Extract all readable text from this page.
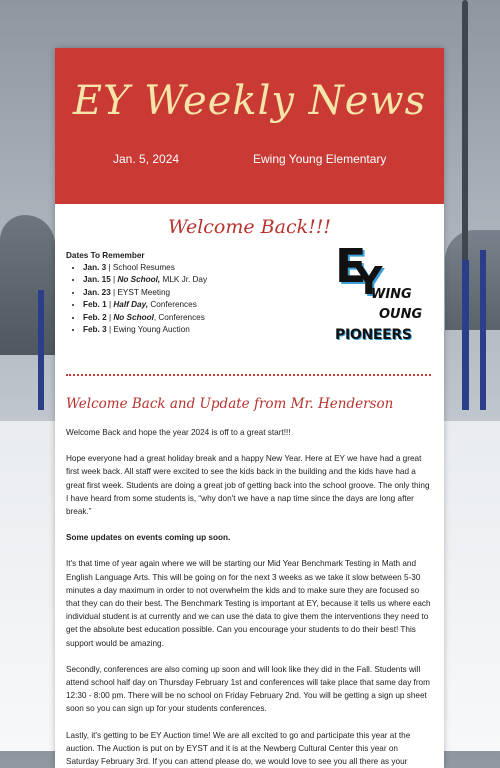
EY Weekly News
Jan. 5, 2024	Ewing Young Elementary
Welcome Back!!!
Dates To Remember
• Jan. 3 | School Resumes
• Jan. 15 | No School, MLK Jr. Day
• Jan. 23 | EYST Meeting
• Feb. 1 | Half Day, Conferences
• Feb. 2 | No School, Conferences
• Feb. 3 | Ewing Young Auction
E
Y
WING
OUNG
PIONEERS
Welcome Back and Update from Mr. Henderson

Welcome Back and hope the year 2024 is off to a great start!!!

Hope everyone had a great holiday break and a happy New Year. Here at EY we have had a great first week back. All staff were excited to see the kids back in the building and the kids have had a great first week. Students are doing a great job of getting back into the school groove. The only thing I have heard from some students is, “why don't we have a nap time since the days are long after break.”

Some updates on events coming up soon.

It's that time of year again where we will be starting our Mid Year Benchmark Testing in Math and English Language Arts. This will be going on for the next 3 weeks as we take it slow between 5-30 minutes a day maximum in order to not overwhelm the kids and to make sure they are focused so that they can do their best. The Benchmark Testing is important at EY, because it tells us where each individual student is at currently and we can use the data to give them the interventions they need to get the absolute best education possible. Can you encourage your students to do their best! This support would be amazing.

Secondly, conferences are also coming up soon and will look like they did in the Fall. Students will attend school half day on Thursday February 1st and conferences will take place that same day from 12:30 - 8:00 pm. There will be no school on Friday February 2nd. You will be getting a sign up sheet soon so you can sign up for your students conferences.

Lastly, it's getting to be EY Auction time! We are all excited to go and participate this year at the auction. The Auction is put on by EYST and it is at the Newberg Cultural Center this year on Saturday February 3rd. If you can attend please do, we would love to see you all there as your
